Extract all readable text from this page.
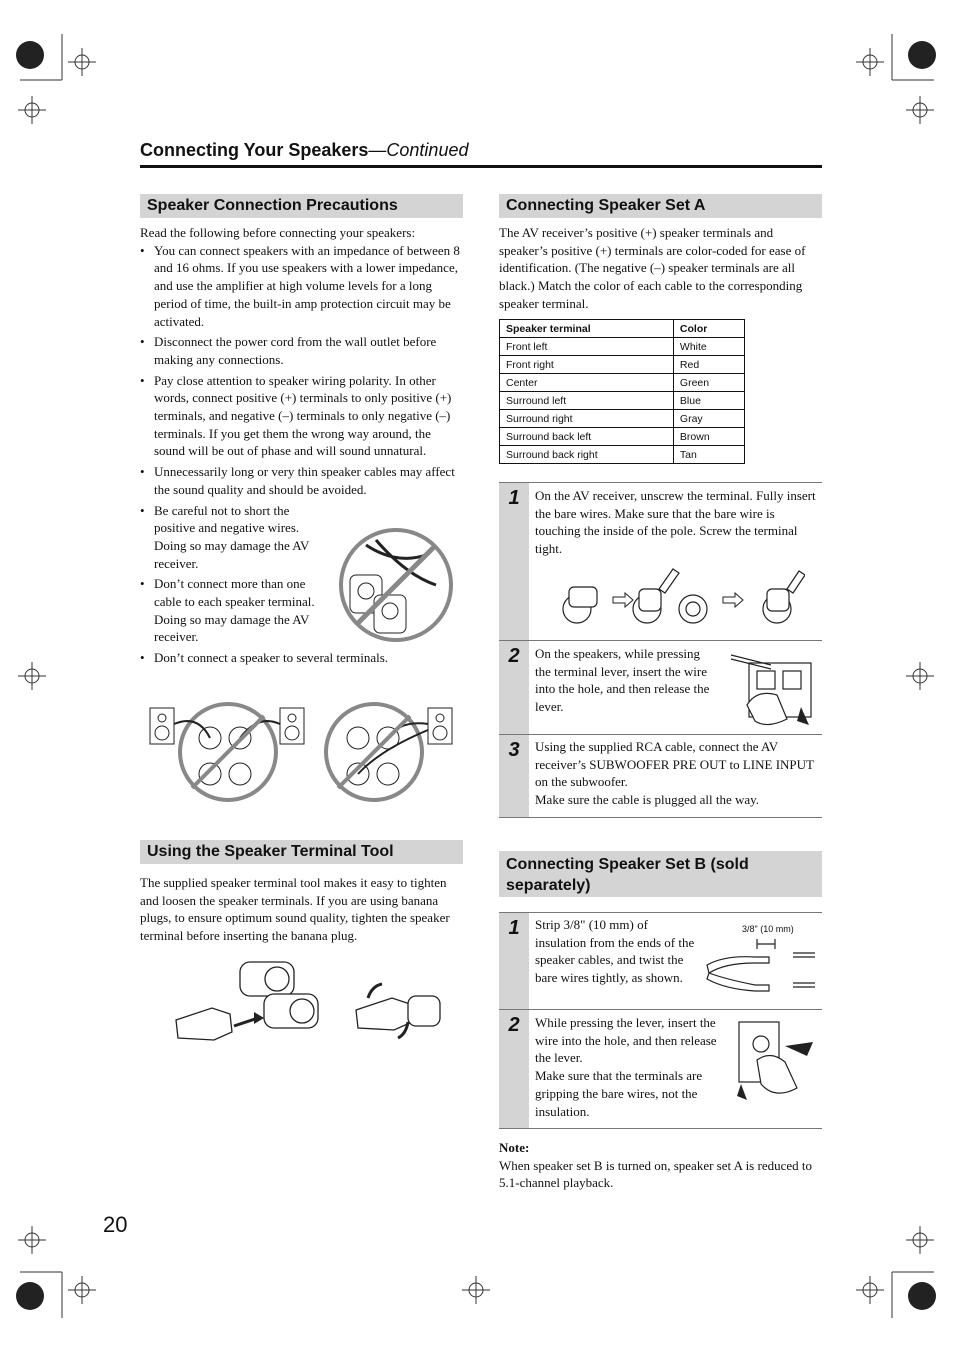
Connecting Your Speakers—Continued
Speaker Connection Precautions
Read the following before connecting your speakers:
• You can connect speakers with an impedance of between 8 and 16 ohms. If you use speakers with a lower impedance, and use the amplifier at high volume levels for a long period of time, the built-in amp protection circuit may be activated.
• Disconnect the power cord from the wall outlet before making any connections.
• Pay close attention to speaker wiring polarity. In other words, connect positive (+) terminals to only positive (+) terminals, and negative (–) terminals to only negative (–) terminals. If you get them the wrong way around, the sound will be out of phase and will sound unnatural.
• Unnecessarily long or very thin speaker cables may affect the sound quality and should be avoided.
• Be careful not to short the positive and negative wires. Doing so may damage the AV receiver.
• Don’t connect more than one cable to each speaker terminal. Doing so may damage the AV receiver.
• Don’t connect a speaker to several terminals.
Using the Speaker Terminal Tool
The supplied speaker terminal tool makes it easy to tighten and loosen the speaker terminals. If you are using banana plugs, to ensure optimum sound quality, tighten the speaker terminal before inserting the banana plug.
Connecting Speaker Set A
The AV receiver’s positive (+) speaker terminals and speaker’s positive (+) terminals are color-coded for ease of identification. (The negative (–) speaker terminals are all black.) Match the color of each cable to the corresponding speaker terminal.
Speaker terminal	Color
Front left	White
Front right	Red
Center	Green
Surround left	Blue
Surround right	Gray
Surround back left	Brown
Surround back right	Tan
1	On the AV receiver, unscrew the terminal. Fully insert the bare wires. Make sure that the bare wire is touching the inside of the pole. Screw the terminal tight.
2	On the speakers, while pressing the terminal lever, insert the wire into the hole, and then release the lever.
3	Using the supplied RCA cable, connect the AV receiver’s SUBWOOFER PRE OUT to LINE INPUT on the subwoofer.
Make sure the cable is plugged all the way.
Connecting Speaker Set B (sold separately)
1	Strip 3/8" (10 mm) of insulation from the ends of the speaker cables, and twist the bare wires tightly, as shown.
3/8" (10 mm)
2	While pressing the lever, insert the wire into the hole, and then release the lever.
Make sure that the terminals are gripping the bare wires, not the insulation.
Note:
When speaker set B is turned on, speaker set A is reduced to 5.1-channel playback.
20
